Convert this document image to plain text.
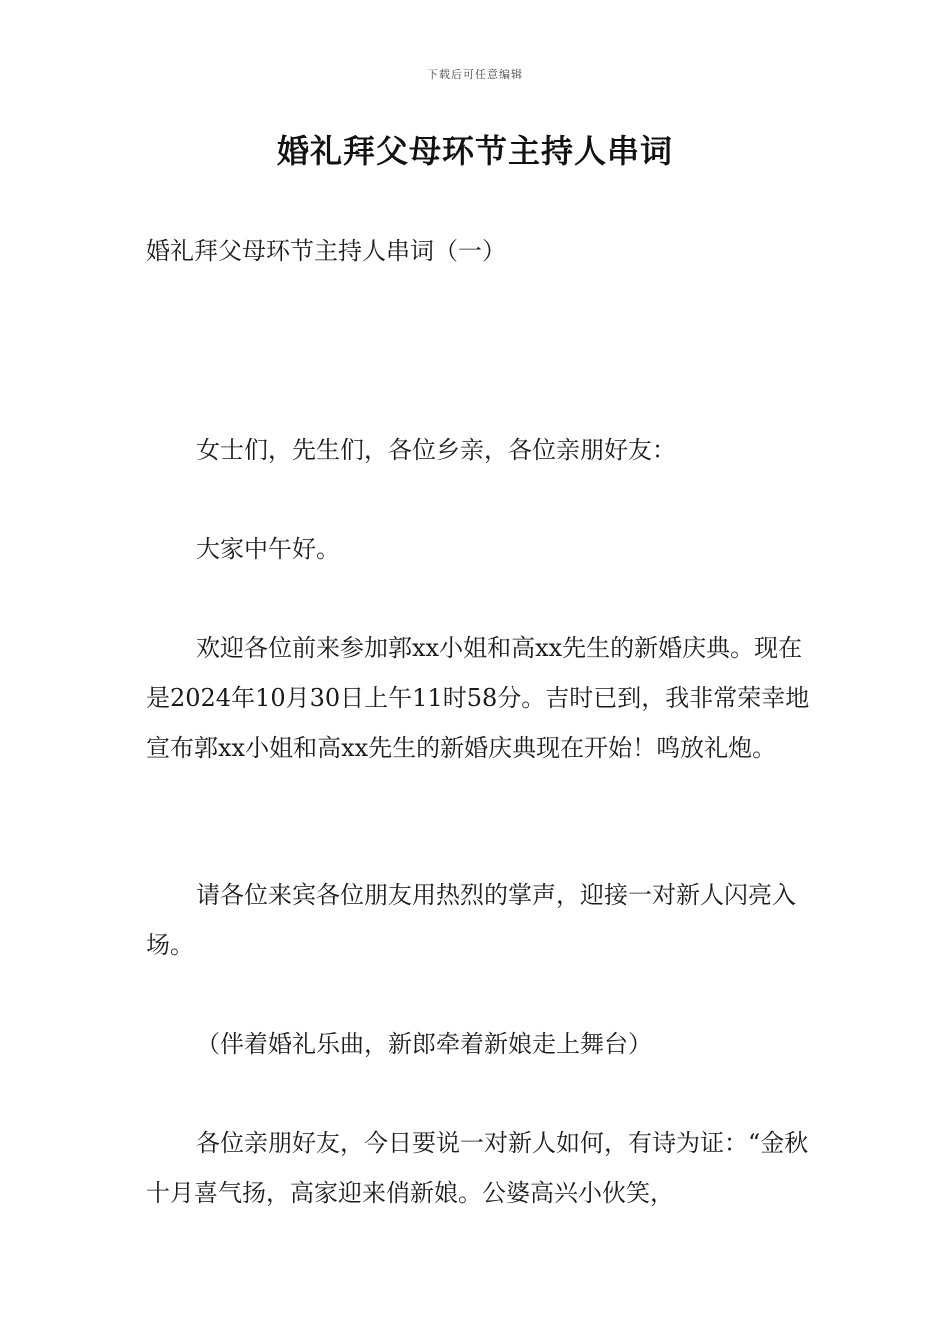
下载后可任意编辑
婚礼拜父母环节主持人串词
婚礼拜父母环节主持人串词（一）

女士们，先生们，各位乡亲，各位亲朋好友：

大家中午好。

欢迎各位前来参加郭xx小姐和高xx先生的新婚庆典。现在是2024年10月30日上午11时58分。吉时已到，我非常荣幸地宣布郭xx小姐和高xx先生的新婚庆典现在开始！鸣放礼炮。

请各位来宾各位朋友用热烈的掌声，迎接一对新人闪亮入场。

（伴着婚礼乐曲，新郎牵着新娘走上舞台）

各位亲朋好友，今日要说一对新人如何，有诗为证：“金秋十月喜气扬，高家迎来俏新娘。公婆高兴小伙笑，
